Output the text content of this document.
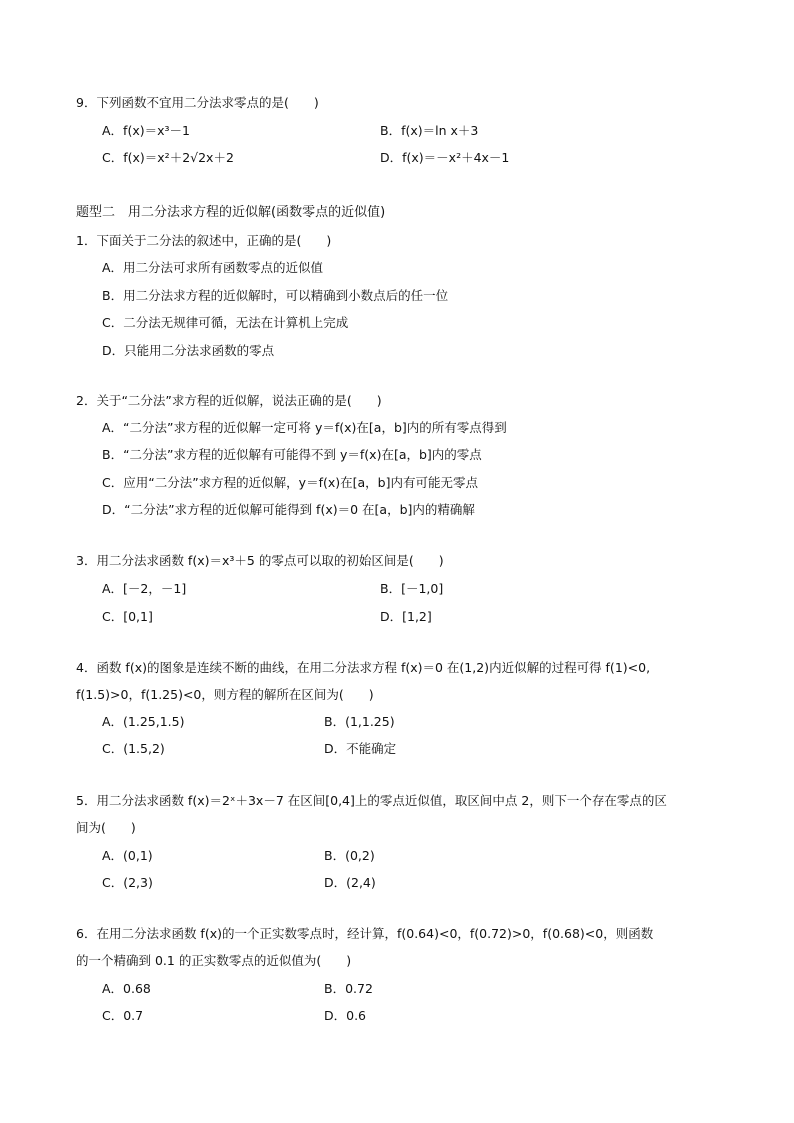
9．下列函数不宜用二分法求零点的是(　　)
A．f(x)＝x³－1	B．f(x)＝ln x＋3
C．f(x)＝x²＋2√2x＋2	D．f(x)＝－x²＋4x－1
题型二　用二分法求方程的近似解(函数零点的近似值)
1．下面关于二分法的叙述中，正确的是(　　)
A．用二分法可求所有函数零点的近似值
B．用二分法求方程的近似解时，可以精确到小数点后的任一位
C．二分法无规律可循，无法在计算机上完成
D．只能用二分法求函数的零点
2．关于“二分法”求方程的近似解，说法正确的是(　　)
A．“二分法”求方程的近似解一定可将 y＝f(x)在[a，b]内的所有零点得到
B．“二分法”求方程的近似解有可能得不到 y＝f(x)在[a，b]内的零点
C．应用“二分法”求方程的近似解，y＝f(x)在[a，b]内有可能无零点
D．“二分法”求方程的近似解可能得到 f(x)＝0 在[a，b]内的精确解
3．用二分法求函数 f(x)＝x³＋5 的零点可以取的初始区间是(　　)
A．[－2，－1]	B．[－1,0]
C．[0,1]	D．[1,2]
4．函数 f(x)的图象是连续不断的曲线，在用二分法求方程 f(x)＝0 在(1,2)内近似解的过程可得 f(1)<0,
f(1.5)>0，f(1.25)<0，则方程的解所在区间为(　　)
A．(1.25,1.5)	B．(1,1.25)
C．(1.5,2)	D．不能确定
5．用二分法求函数 f(x)＝2ˣ＋3x－7 在区间[0,4]上的零点近似值，取区间中点 2，则下一个存在零点的区
间为(　　)
A．(0,1)	B．(0,2)
C．(2,3)	D．(2,4)
6．在用二分法求函数 f(x)的一个正实数零点时，经计算，f(0.64)<0，f(0.72)>0，f(0.68)<0，则函数
的一个精确到 0.1 的正实数零点的近似值为(　　)
A．0.68	B．0.72
C．0.7	D．0.6
